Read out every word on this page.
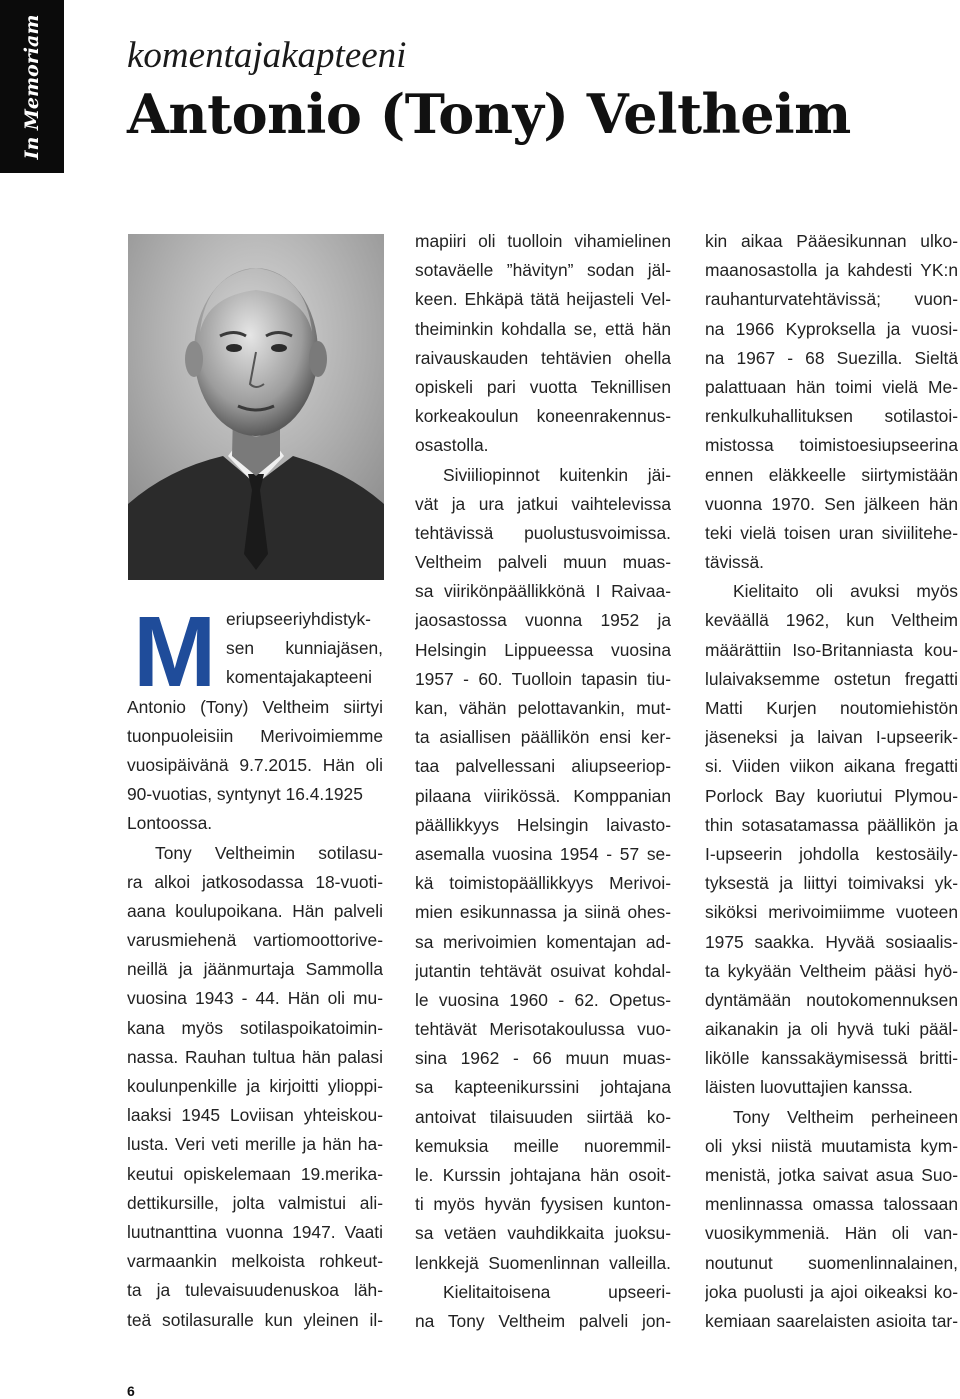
In Memoriam komentajakapteeni
Antonio (Tony) Veltheim
M eriupseeriyhdistyk-
sen kunniajäsen,
komentajakapteeni
Antonio (Tony) Veltheim siirtyi
tuonpuoleisiin Merivoimiemme
vuosipäivänä 9.7.2015. Hän oli
90-vuotias, syntynyt 16.4.1925
Lontoossa.
Tony Veltheimin sotilasu-
ra alkoi jatkosodassa 18-vuoti-
aana koulupoikana. Hän palveli
varusmiehenä vartiomoottorive-
neillä ja jäänmurtaja Sammolla
vuosina 1943 - 44. Hän oli mu-
kana myös sotilaspoikatoimin-
nassa. Rauhan tultua hän palasi
koulunpenkille ja kirjoitti ylioppi-
laaksi 1945 Loviisan yhteiskou-
lusta. Veri veti merille ja hän ha-
keutui opiskelemaan 19.merika-
dettikursille, jolta valmistui ali-
luutnanttina vuonna 1947. Vaati
varmaankin melkoista rohkeut-
ta ja tulevaisuudenuskoa läh-
teä sotilasuralle kun yleinen il-
mapiiri oli tuolloin vihamielinen
sotaväelle ”hävityn” sodan jäl-
keen. Ehkäpä tätä heijasteli Vel-
theiminkin kohdalla se, että hän
raivauskauden tehtävien ohella
opiskeli pari vuotta Teknillisen
korkeakoulun koneenrakennus-
osastolla.
Siviiliopinnot kuitenkin jäi-
vät ja ura jatkui vaihtelevissa
tehtävissä puolustusvoimissa.
Veltheim palveli muun muas-
sa viirikönpäällikkönä I Raivaa-
jaosastossa vuonna 1952 ja
Helsingin Lippueessa vuosina
1957 - 60. Tuolloin tapasin tiu-
kan, vähän pelottavankin, mut-
ta asiallisen päällikön ensi ker-
taa palvellessani aliupseeriop-
pilaana viirikössä. Komppanian
päällikkyys Helsingin laivasto-
asemalla vuosina 1954 - 57 se-
kä toimistopäällikkyys Merivoi-
mien esikunnassa ja siinä ohes-
sa merivoimien komentajan ad-
jutantin tehtävät osuivat kohdal-
le vuosina 1960 - 62. Opetus-
tehtävät Merisotakoulussa vuo-
sina 1962 - 66 muun muas-
sa kapteenikurssini johtajana
antoivat tilaisuuden siirtää ko-
kemuksia meille nuoremmil-
le. Kurssin johtajana hän osoit-
ti myös hyvän fyysisen kunton-
sa vetäen vauhdikkaita juoksu-
lenkkejä Suomenlinnan valleilla.
Kielitaitoisena upseeri-
na Tony Veltheim palveli jon-
kin aikaa Pääesikunnan ulko-
maanosastolla ja kahdesti YK:n
rauhanturvatehtävissä; vuon-
na 1966 Kyproksella ja vuosi-
na 1967 - 68 Suezilla. Sieltä
palattuaan hän toimi vielä Me-
renkulkuhallituksen sotilastoi-
mistossa toimistoesiupseerina
ennen eläkkeelle siirtymistään
vuonna 1970. Sen jälkeen hän
teki vielä toisen uran siviilitehe-
tävissä.
Kielitaito oli avuksi myös
keväällä 1962, kun Veltheim
määrättiin Iso-Britanniasta kou-
lulaivaksemme ostetun fregatti
Matti Kurjen noutomiehistön
jäseneksi ja laivan I-upseerik-
si. Viiden viikon aikana fregatti
Porlock Bay kuoriutui Plymou-
thin sotasatamassa päällikön ja
I-upseerin johdolla kestosäily-
tyksestä ja liittyi toimivaksi yk-
siköksi merivoimiimme vuoteen
1975 saakka. Hyvää sosiaalis-
ta kykyään Veltheim pääsi hyö-
dyntämään noutokomennuksen
aikanakin ja oli hyvä tuki pääl-
liköIle kanssakäymisessä britti-
läisten luovuttajien kanssa.
Tony Veltheim perheineen
oli yksi niistä muutamista kym-
menistä, jotka saivat asua Suo-
menlinnassa omassa talossaan
vuosikymmeniä. Hän oli van-
noutunut suomenlinnalainen,
joka puolusti ja ajoi oikeaksi ko-
kemiaan saarelaisten asioita tar-
6
